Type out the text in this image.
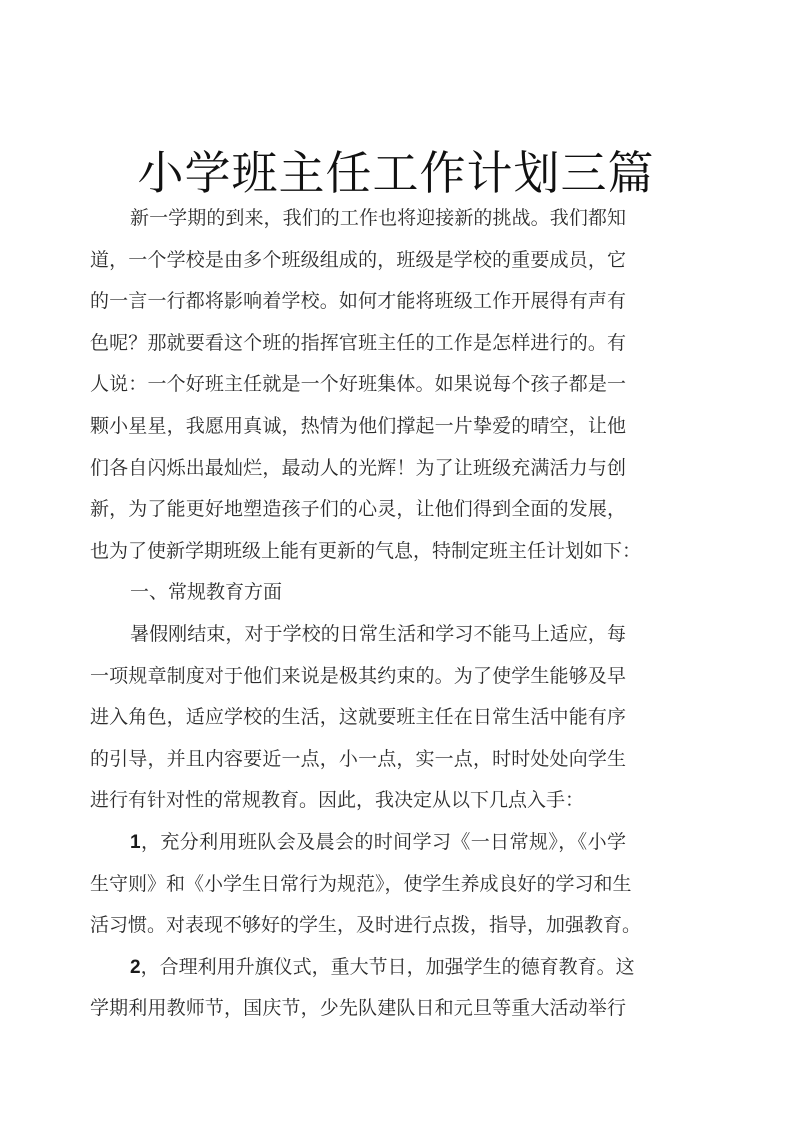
小学班主任工作计划三篇
新一学期的到来，我们的工作也将迎接新的挑战。我们都知
道，一个学校是由多个班级组成的，班级是学校的重要成员，它
的一言一行都将影响着学校。如何才能将班级工作开展得有声有
色呢？那就要看这个班的指挥官班主任的工作是怎样进行的。有
人说：一个好班主任就是一个好班集体。如果说每个孩子都是一
颗小星星，我愿用真诚，热情为他们撑起一片挚爱的晴空，让他
们各自闪烁出最灿烂，最动人的光辉！为了让班级充满活力与创
新，为了能更好地塑造孩子们的心灵，让他们得到全面的发展，
也为了使新学期班级上能有更新的气息，特制定班主任计划如下：
一、常规教育方面
暑假刚结束，对于学校的日常生活和学习不能马上适应，每
一项规章制度对于他们来说是极其约束的。为了使学生能够及早
进入角色，适应学校的生活，这就要班主任在日常生活中能有序
的引导，并且内容要近一点，小一点，实一点，时时处处向学生
进行有针对性的常规教育。因此，我决定从以下几点入手：
1，充分利用班队会及晨会的时间学习《一日常规》，《小学
生守则》和《小学生日常行为规范》，使学生养成良好的学习和生
活习惯。对表现不够好的学生，及时进行点拨，指导，加强教育。
2，合理利用升旗仪式，重大节日，加强学生的德育教育。这
学期利用教师节，国庆节，少先队建队日和元旦等重大活动举行
